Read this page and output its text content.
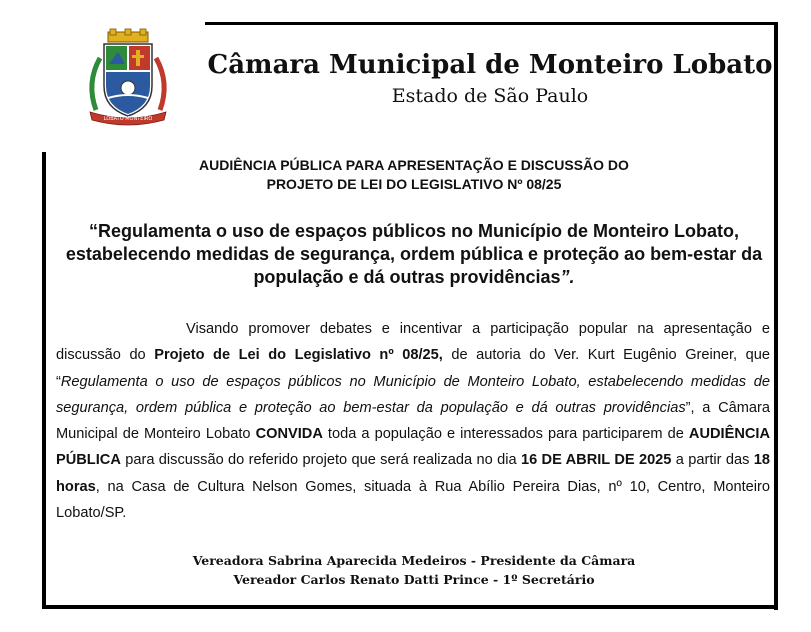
LOBATO MONTEIRO
Câmara Municipal de Monteiro Lobato
Estado de São Paulo
AUDIÊNCIA PÚBLICA PARA APRESENTAÇÃO E DISCUSSÃO DO
PROJETO DE LEI DO LEGISLATIVO Nº 08/25
“Regulamenta o uso de espaços públicos no Município de Monteiro Lobato,
estabelecendo medidas de segurança, ordem pública e proteção ao bem-estar da
população e dá outras providências”.

Visando promover debates e incentivar a participação popular na apresentação e discussão do Projeto de Lei do Legislativo nº 08/25, de autoria do Ver. Kurt Eugênio Greiner, que “Regulamenta o uso de espaços públicos no Município de Monteiro Lobato, estabelecendo medidas de segurança, ordem pública e proteção ao bem-estar da população e dá outras providências”, a Câmara Municipal de Monteiro Lobato CONVIDA toda a população e interessados para participarem de AUDIÊNCIA PÚBLICA para discussão do referido projeto que será realizada no dia 16 DE ABRIL DE 2025 a partir das 18 horas, na Casa de Cultura Nelson Gomes, situada à Rua Abílio Pereira Dias, nº 10, Centro, Monteiro Lobato/SP.

Vereadora Sabrina Aparecida Medeiros - Presidente da Câmara
Vereador Carlos Renato Datti Prince - 1º Secretário
